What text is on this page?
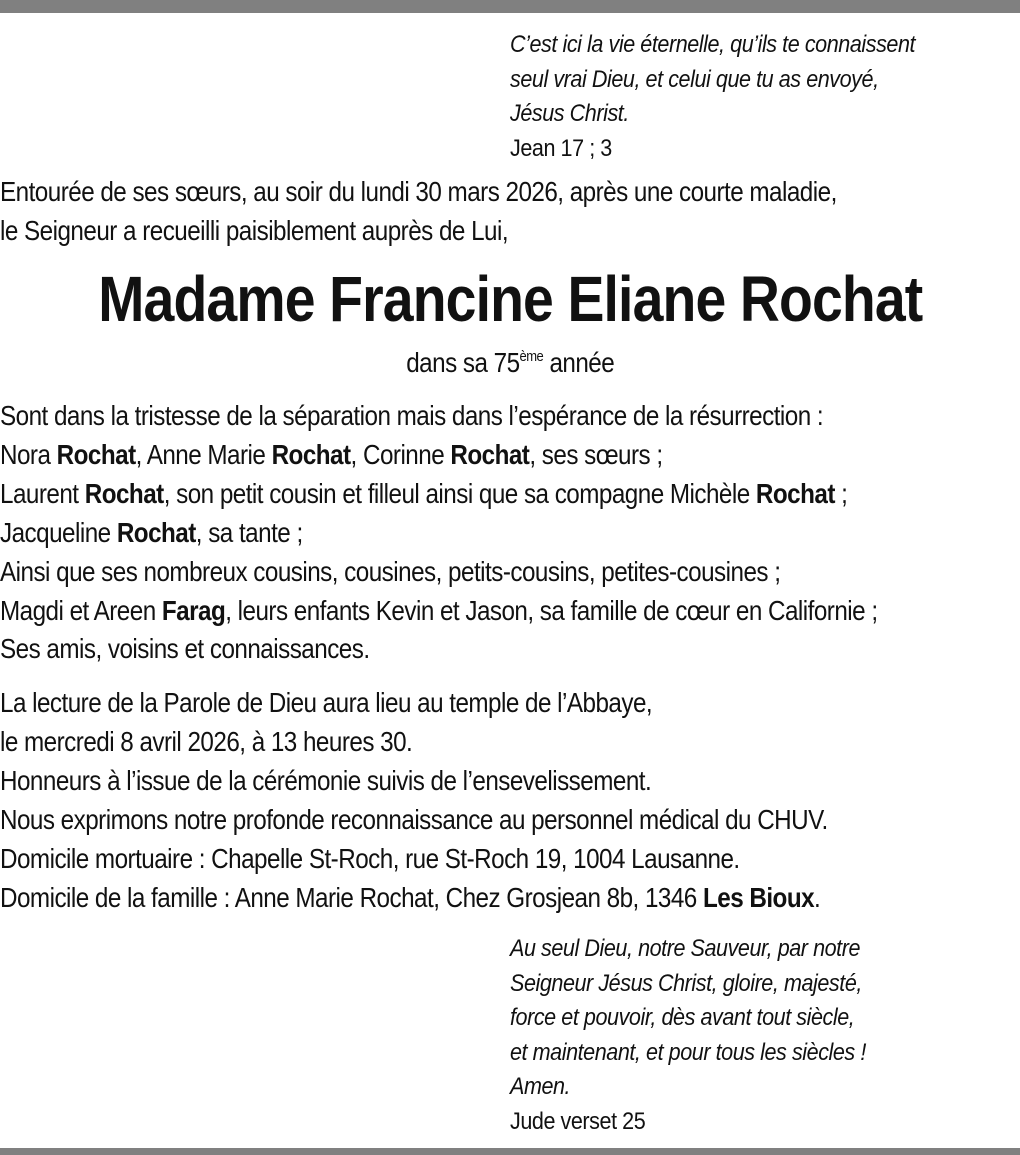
C’est ici la vie éternelle, qu’ils te connaissent
seul vrai Dieu, et celui que tu as envoyé,
Jésus Christ.
Jean 17 ; 3
Entourée de ses sœurs, au soir du lundi 30 mars 2026, après une courte maladie,
le Seigneur a recueilli paisiblement auprès de Lui,
Madame Francine Eliane Rochat
dans sa 75ème année
Sont dans la tristesse de la séparation mais dans l’espérance de la résurrection :
Nora Rochat, Anne Marie Rochat, Corinne Rochat, ses sœurs ;
Laurent Rochat, son petit cousin et filleul ainsi que sa compagne Michèle Rochat ;
Jacqueline Rochat, sa tante ;
Ainsi que ses nombreux cousins, cousines, petits-cousins, petites-cousines ;
Magdi et Areen Farag, leurs enfants Kevin et Jason, sa famille de cœur en Californie ;
Ses amis, voisins et connaissances.
La lecture de la Parole de Dieu aura lieu au temple de l’Abbaye,
le mercredi 8 avril 2026, à 13 heures 30.
Honneurs à l’issue de la cérémonie suivis de l’ensevelissement.
Nous exprimons notre profonde reconnaissance au personnel médical du CHUV.
Domicile mortuaire : Chapelle St-Roch, rue St-Roch 19, 1004 Lausanne.
Domicile de la famille : Anne Marie Rochat, Chez Grosjean 8b, 1346 Les Bioux.
Au seul Dieu, notre Sauveur, par notre
Seigneur Jésus Christ, gloire, majesté,
force et pouvoir, dès avant tout siècle,
et maintenant, et pour tous les siècles !
Amen.
Jude verset 25
